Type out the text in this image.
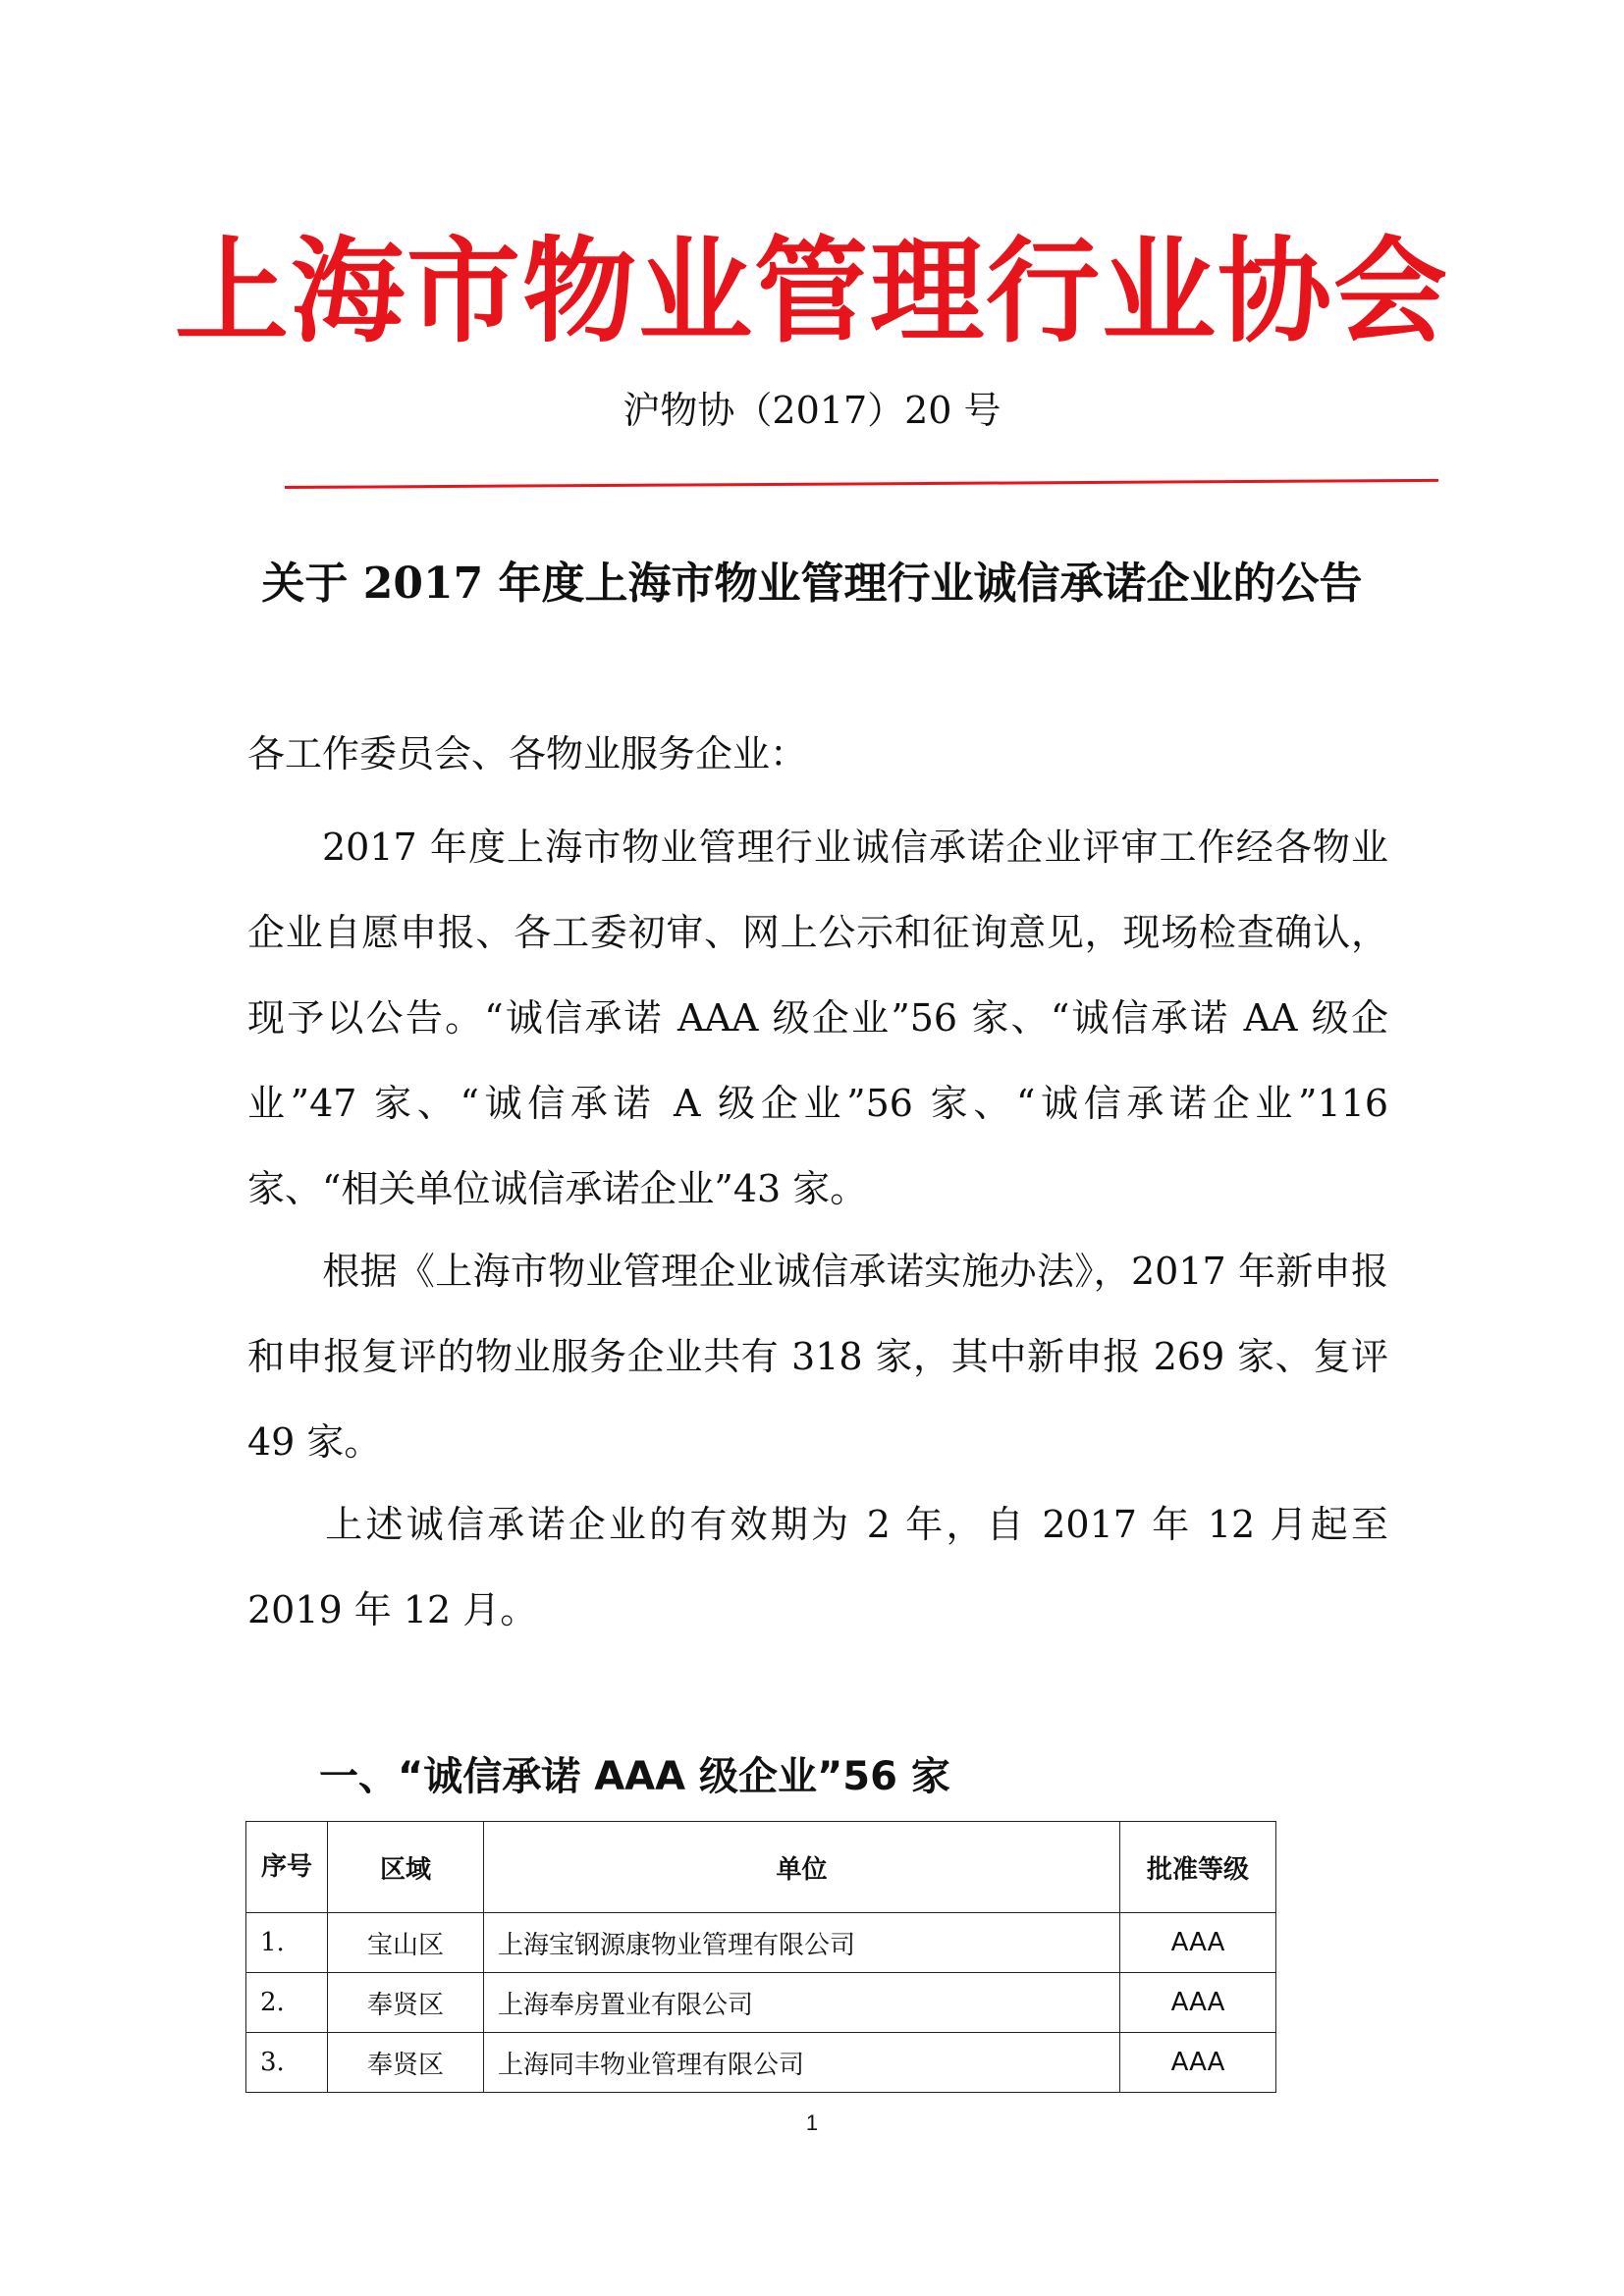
上海市物业管理行业协会
沪物协（2017）20 号
关于 2017 年度上海市物业管理行业诚信承诺企业的公告
各工作委员会、各物业服务企业：

2017 年度上海市物业管理行业诚信承诺企业评审工作经各物业企业自愿申报、各工委初审、网上公示和征询意见，现场检查确认，现予以公告。“诚信承诺 AAA 级企业”56 家、“诚信承诺 AA 级企业”47 家、“诚信承诺 A 级企业”56 家、“诚信承诺企业”116 家、“相关单位诚信承诺企业”43 家。

根据《上海市物业管理企业诚信承诺实施办法》，2017 年新申报和申报复评的物业服务企业共有 318 家，其中新申报 269 家、复评 49 家。

上述诚信承诺企业的有效期为 2 年，自 2017 年 12 月起至 2019 年 12 月。

一、“诚信承诺 AAA 级企业”56 家
序号	区域	单位	批准等级
1.	宝山区	上海宝钢源康物业管理有限公司	AAA
2.	奉贤区	上海奉房置业有限公司	AAA
3.	奉贤区	上海同丰物业管理有限公司	AAA
1
